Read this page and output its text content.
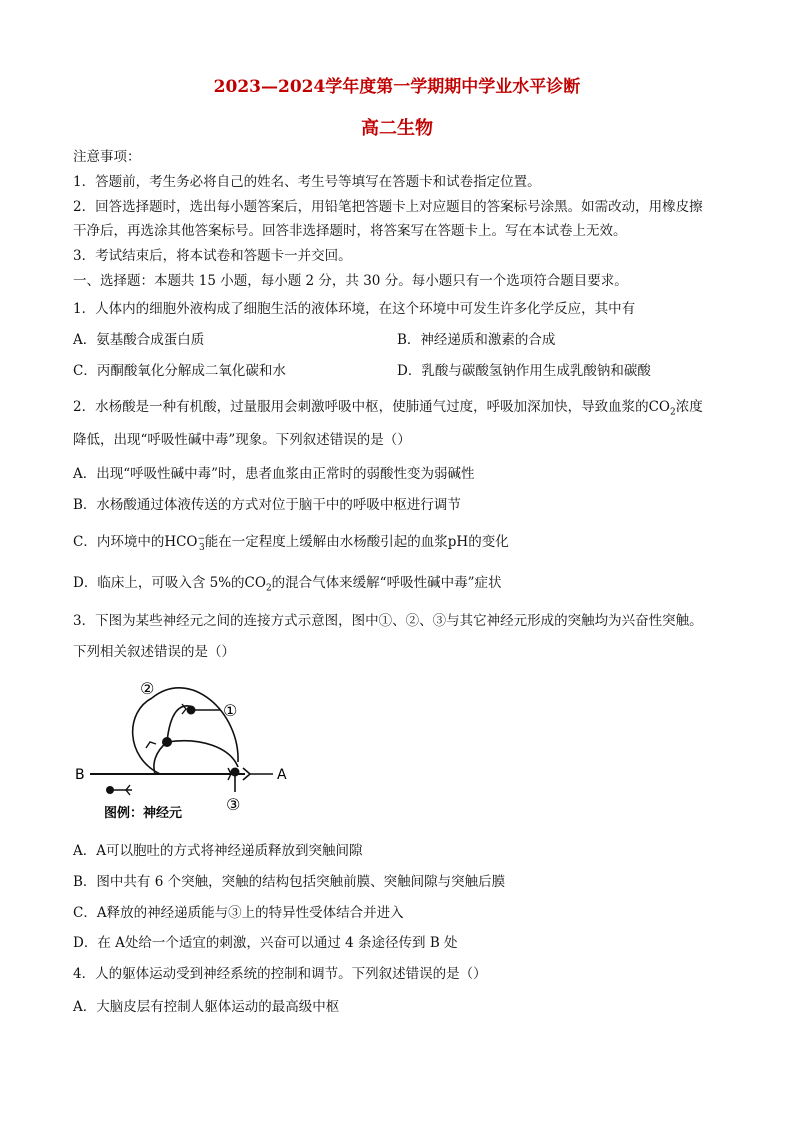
2023—2024学年度第一学期期中学业水平诊断
高二生物
注意事项：
1．答题前，考生务必将自己的姓名、考生号等填写在答题卡和试卷指定位置。
2．回答选择题时，选出每小题答案后，用铅笔把答题卡上对应题目的答案标号涂黑。如需改动，用橡皮擦
干净后，再选涂其他答案标号。回答非选择题时，将答案写在答题卡上。写在本试卷上无效。
3．考试结束后，将本试卷和答题卡一并交回。
一、选择题：本题共 15 小题，每小题 2 分，共 30 分。每小题只有一个选项符合题目要求。
1．人体内的细胞外液构成了细胞生活的液体环境，在这个环境中可发生许多化学反应，其中有
A．氨基酸合成蛋白质	B．神经递质和激素的合成
C．丙酮酸氧化分解成二氧化碳和水	D．乳酸与碳酸氢钠作用生成乳酸钠和碳酸
2．水杨酸是一种有机酸，过量服用会刺激呼吸中枢，使肺通气过度，呼吸加深加快，导致血浆的$CO_2$浓度
降低，出现“呼吸性碱中毒”现象。下列叙述错误的是（）
A．出现“呼吸性碱中毒”时，患者血浆由正常时的弱酸性变为弱碱性
B．水杨酸通过体液传送的方式对位于脑干中的呼吸中枢进行调节
C．内环境中的$HCO^-_3$能在一定程度上缓解由水杨酸引起的血浆pH的变化
D．临床上，可吸入含 5%的$CO_2$的混合气体来缓解“呼吸性碱中毒”症状
3．下图为某些神经元之间的连接方式示意图，图中①、②、③与其它神经元形成的突触均为兴奋性突触。
下列相关叙述错误的是（）
②
①
③
A
B
图例：神经元
A．A可以胞吐的方式将神经递质释放到突触间隙
B．图中共有 6 个突触，突触的结构包括突触前膜、突触间隙与突触后膜
C．A释放的神经递质能与③上的特异性受体结合并进入
D．在 A处给一个适宜的刺激，兴奋可以通过 4 条途径传到 B 处
4．人的躯体运动受到神经系统的控制和调节。下列叙述错误的是（）
A．大脑皮层有控制人躯体运动的最高级中枢
